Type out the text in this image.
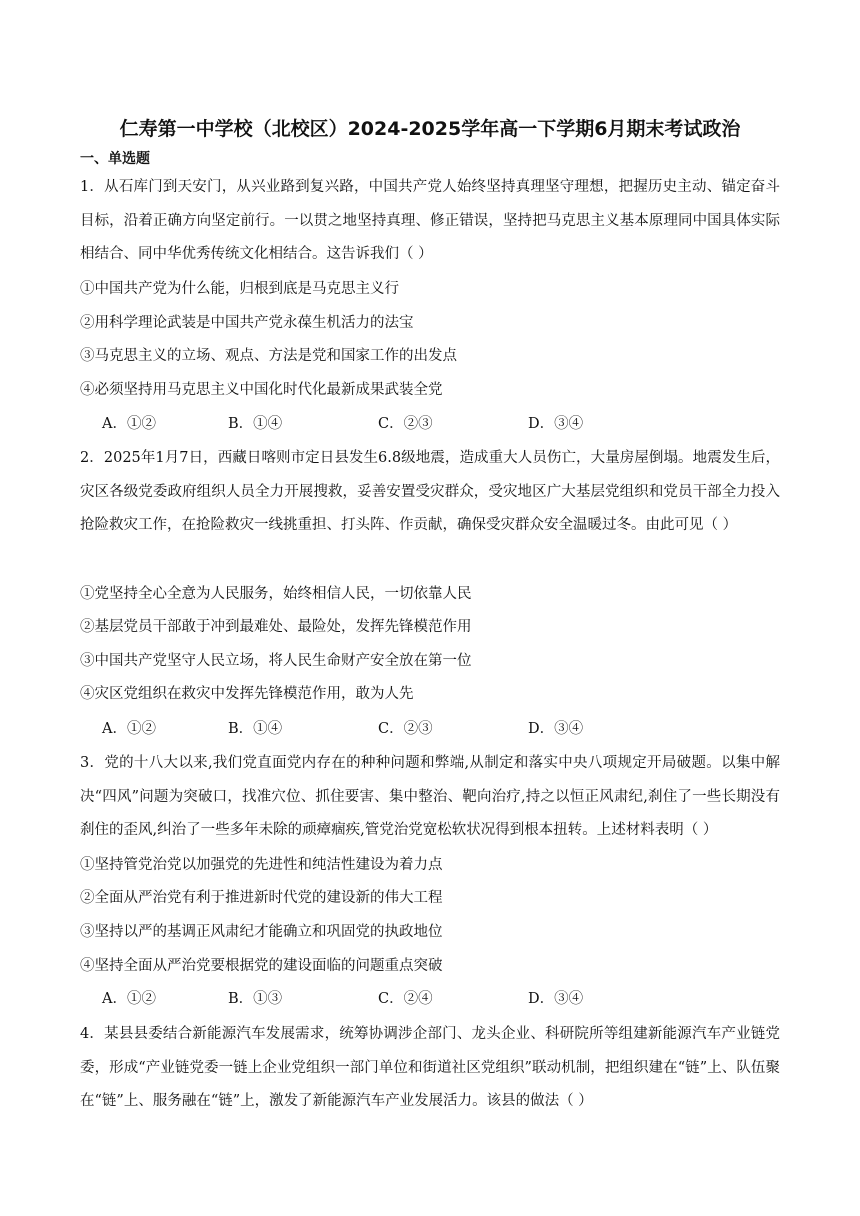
仁寿第一中学校（北校区）2024-2025学年高一下学期6月期末考试政治
一、单选题

1．从石库门到天安门，从兴业路到复兴路，中国共产党人始终坚持真理坚守理想，把握历史主动、锚定奋斗目标，沿着正确方向坚定前行。一以贯之地坚持真理、修正错误，坚持把马克思主义基本原理同中国具体实际相结合、同中华优秀传统文化相结合。这告诉我们（ ）

①中国共产党为什么能，归根到底是马克思主义行
②用科学理论武装是中国共产党永葆生机活力的法宝
③马克思主义的立场、观点、方法是党和国家工作的出发点
④必须坚持用马克思主义中国化时代化最新成果武装全党
A．①②	B．①④	C．②③	D．③④

2．2025年1月7日，西藏日喀则市定日县发生6.8级地震，造成重大人员伤亡，大量房屋倒塌。地震发生后，灾区各级党委政府组织人员全力开展搜救，妥善安置受灾群众，受灾地区广大基层党组织和党员干部全力投入抢险救灾工作，在抢险救灾一线挑重担、打头阵、作贡献，确保受灾群众安全温暖过冬。由此可见（ ）

①党坚持全心全意为人民服务，始终相信人民，一切依靠人民
②基层党员干部敢于冲到最难处、最险处，发挥先锋模范作用
③中国共产党坚守人民立场，将人民生命财产安全放在第一位
④灾区党组织在救灾中发挥先锋模范作用，敢为人先
A．①②	B．①④	C．②③	D．③④

3．党的十八大以来,我们党直面党内存在的种种问题和弊端,从制定和落实中央八项规定开局破题。以集中解决“四风”问题为突破口，找准穴位、抓住要害、集中整治、靶向治疗,持之以恒正风肃纪,刹住了一些长期没有刹住的歪风,纠治了一些多年未除的顽瘴痼疾,管党治党宽松软状况得到根本扭转。上述材料表明（ ）

①坚持管党治党以加强党的先进性和纯洁性建设为着力点
②全面从严治党有利于推进新时代党的建设新的伟大工程
③坚持以严的基调正风肃纪才能确立和巩固党的执政地位
④坚持全面从严治党要根据党的建设面临的问题重点突破
A．①②	B．①③	C．②④	D．③④

4．某县县委结合新能源汽车发展需求，统筹协调涉企部门、龙头企业、科研院所等组建新能源汽车产业链党委，形成“产业链党委一链上企业党组织一部门单位和街道社区党组织”联动机制，把组织建在“链”上、队伍聚在“链”上、服务融在“链”上，激发了新能源汽车产业发展活力。该县的做法（ ）
